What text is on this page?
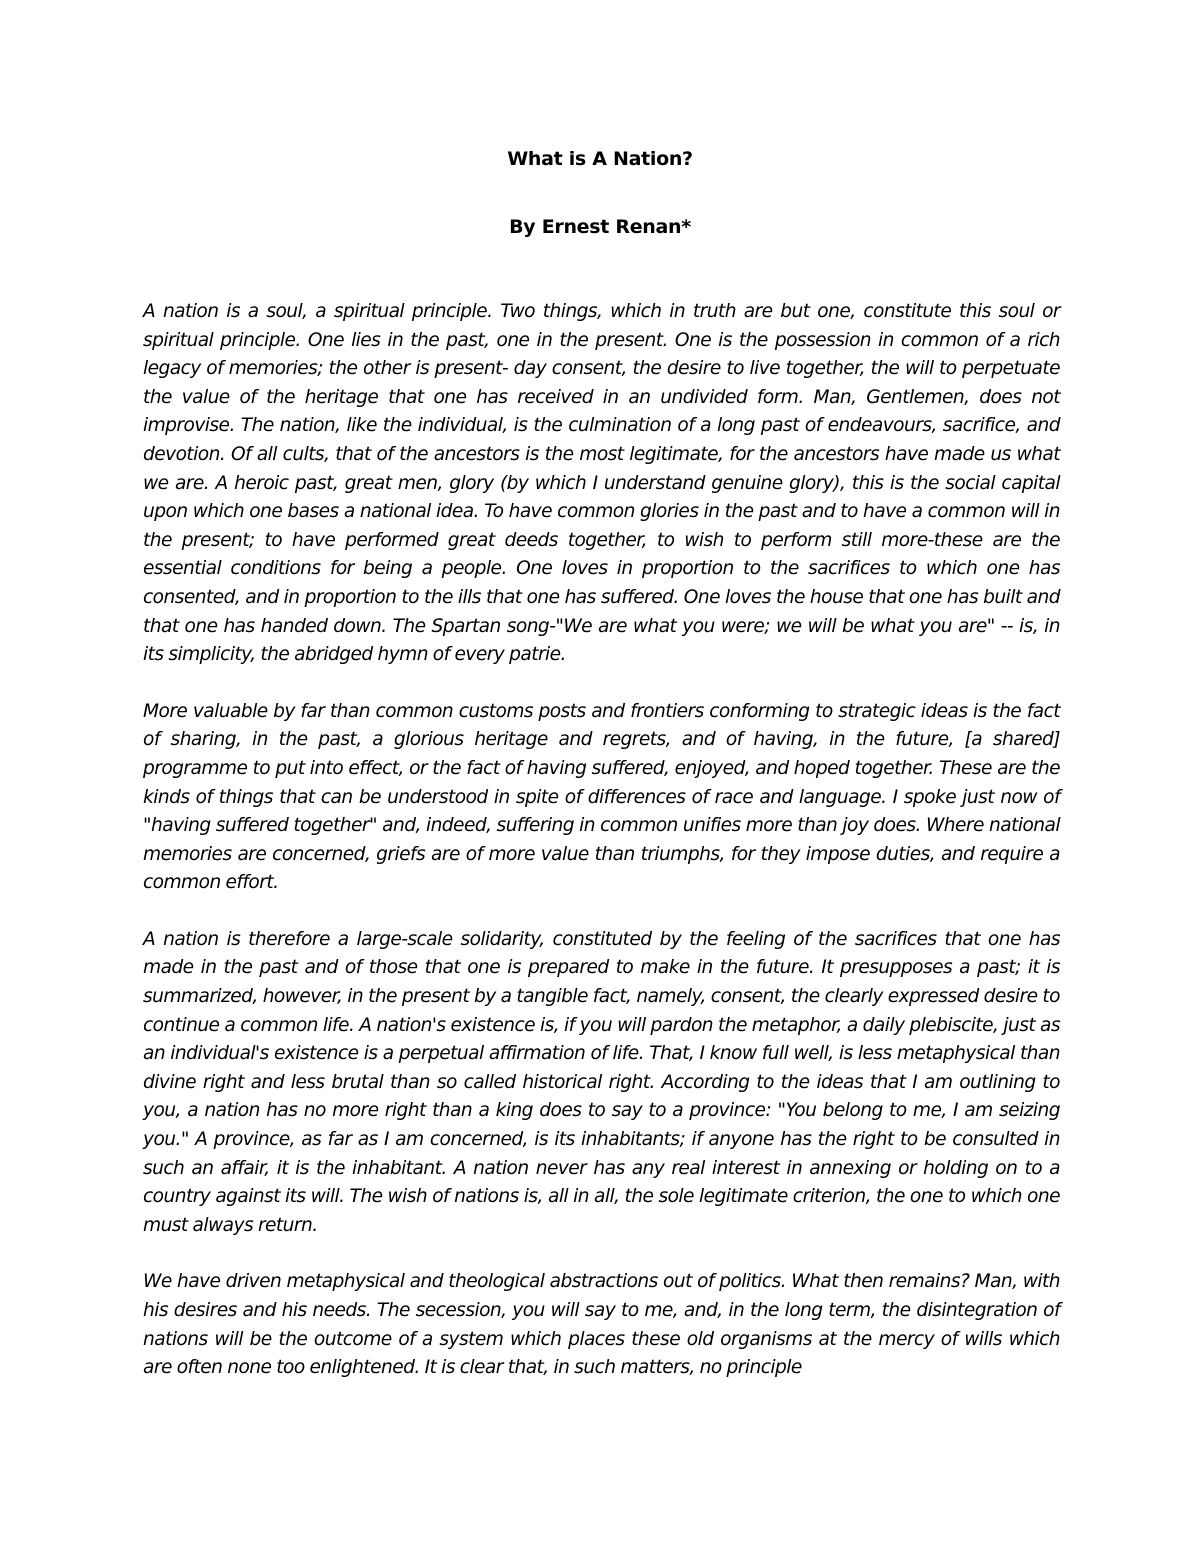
What is A Nation?
By Ernest Renan*

A nation is a soul, a spiritual principle. Two things, which in truth are but one, constitute this soul or spiritual principle. One lies in the past, one in the present. One is the possession in common of a rich legacy of memories; the other is present- day consent, the desire to live together, the will to perpetuate the value of the heritage that one has received in an undivided form. Man, Gentlemen, does not improvise. The nation, like the individual, is the culmination of a long past of endeavours, sacrifice, and devotion. Of all cults, that of the ancestors is the most legitimate, for the ancestors have made us what we are. A heroic past, great men, glory (by which I understand genuine glory), this is the social capital upon which one bases a national idea. To have common glories in the past and to have a common will in the present; to have performed great deeds together, to wish to perform still more-these are the essential conditions for being a people. One loves in proportion to the sacrifices to which one has consented, and in proportion to the ills that one has suffered. One loves the house that one has built and that one has handed down. The Spartan song-"We are what you were; we will be what you are" -- is, in its simplicity, the abridged hymn of every patrie.

More valuable by far than common customs posts and frontiers conforming to strategic ideas is the fact of sharing, in the past, a glorious heritage and regrets, and of having, in the future, [a shared] programme to put into effect, or the fact of having suffered, enjoyed, and hoped together. These are the kinds of things that can be understood in spite of differences of race and language. I spoke just now of "having suffered together" and, indeed, suffering in common unifies more than joy does. Where national memories are concerned, griefs are of more value than triumphs, for they impose duties, and require a common effort.

A nation is therefore a large-scale solidarity, constituted by the feeling of the sacrifices that one has made in the past and of those that one is prepared to make in the future. It presupposes a past; it is summarized, however, in the present by a tangible fact, namely, consent, the clearly expressed desire to continue a common life. A nation's existence is, if you will pardon the metaphor, a daily plebiscite, just as an individual's existence is a perpetual affirmation of life. That, I know full well, is less metaphysical than divine right and less brutal than so called historical right. According to the ideas that I am outlining to you, a nation has no more right than a king does to say to a province: "You belong to me, I am seizing you." A province, as far as I am concerned, is its inhabitants; if anyone has the right to be consulted in such an affair, it is the inhabitant. A nation never has any real interest in annexing or holding on to a country against its will. The wish of nations is, all in all, the sole legitimate criterion, the one to which one must always return.

We have driven metaphysical and theological abstractions out of politics. What then remains? Man, with his desires and his needs. The secession, you will say to me, and, in the long term, the disintegration of nations will be the outcome of a system which places these old organisms at the mercy of wills which are often none too enlightened. It is clear that, in such matters, no principle
